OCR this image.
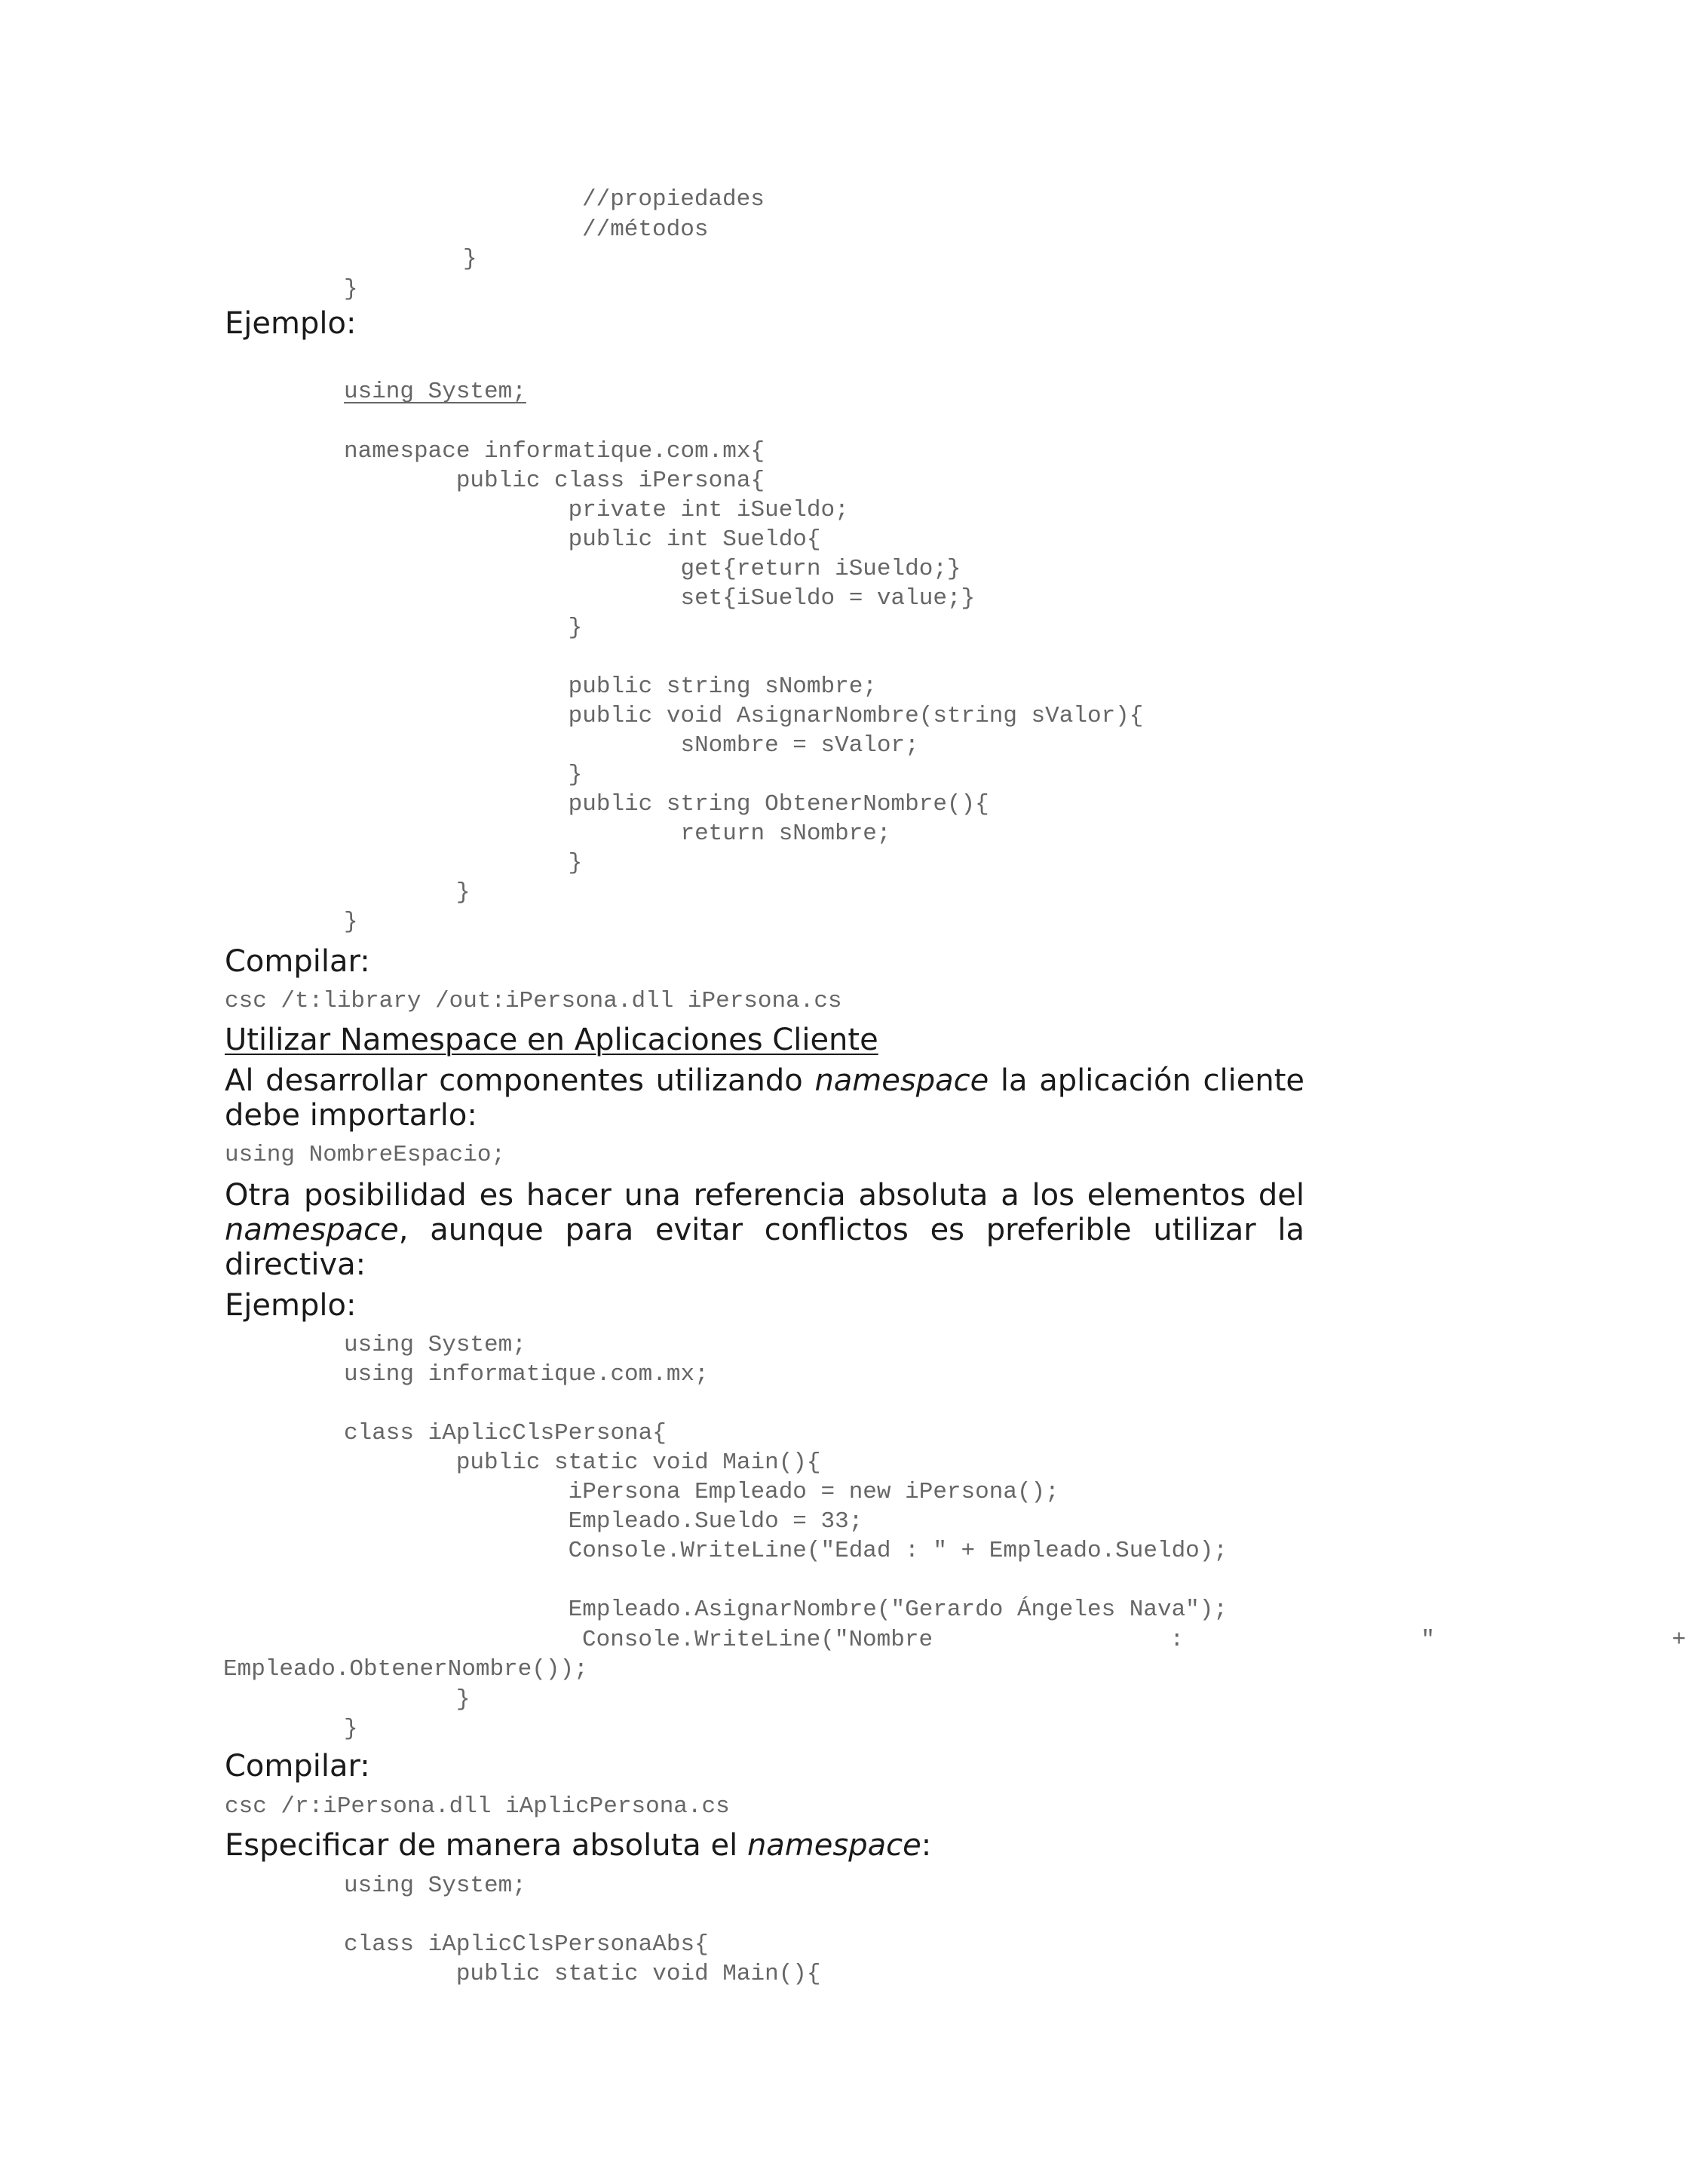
//propiedades
//métodos
}
}
Ejemplo:
using System;
namespace informatique.com.mx{
public class iPersona{
private int iSueldo;
public int Sueldo{
get{return iSueldo;}
set{iSueldo = value;}
}

public string sNombre;
public void AsignarNombre(string sValor){
sNombre = sValor;
}
public string ObtenerNombre(){
return sNombre;
}
}
}
Compilar:
csc /t:library /out:iPersona.dll iPersona.cs
Utilizar Namespace en Aplicaciones Cliente

Al desarrollar componentes utilizando namespace la aplicación cliente debe importarlo:

using NombreEspacio;

Otra posibilidad es hacer una referencia absoluta a los elementos del namespace, aunque para evitar conflictos es preferible utilizar la directiva:

Ejemplo:
using System;
using informatique.com.mx;

class iAplicClsPersona{
public static void Main(){
iPersona Empleado = new iPersona();
Empleado.Sueldo = 33;
Console.WriteLine("Edad : " + Empleado.Sueldo);

Empleado.AsignarNombre("Gerardo Ángeles Nava");
Console.WriteLine("Nombre	:	"	+
Empleado.ObtenerNombre());
}
}
Compilar:
csc /r:iPersona.dll iAplicPersona.cs

Especificar de manera absoluta el namespace:

using System;

class iAplicClsPersonaAbs{
public static void Main(){
